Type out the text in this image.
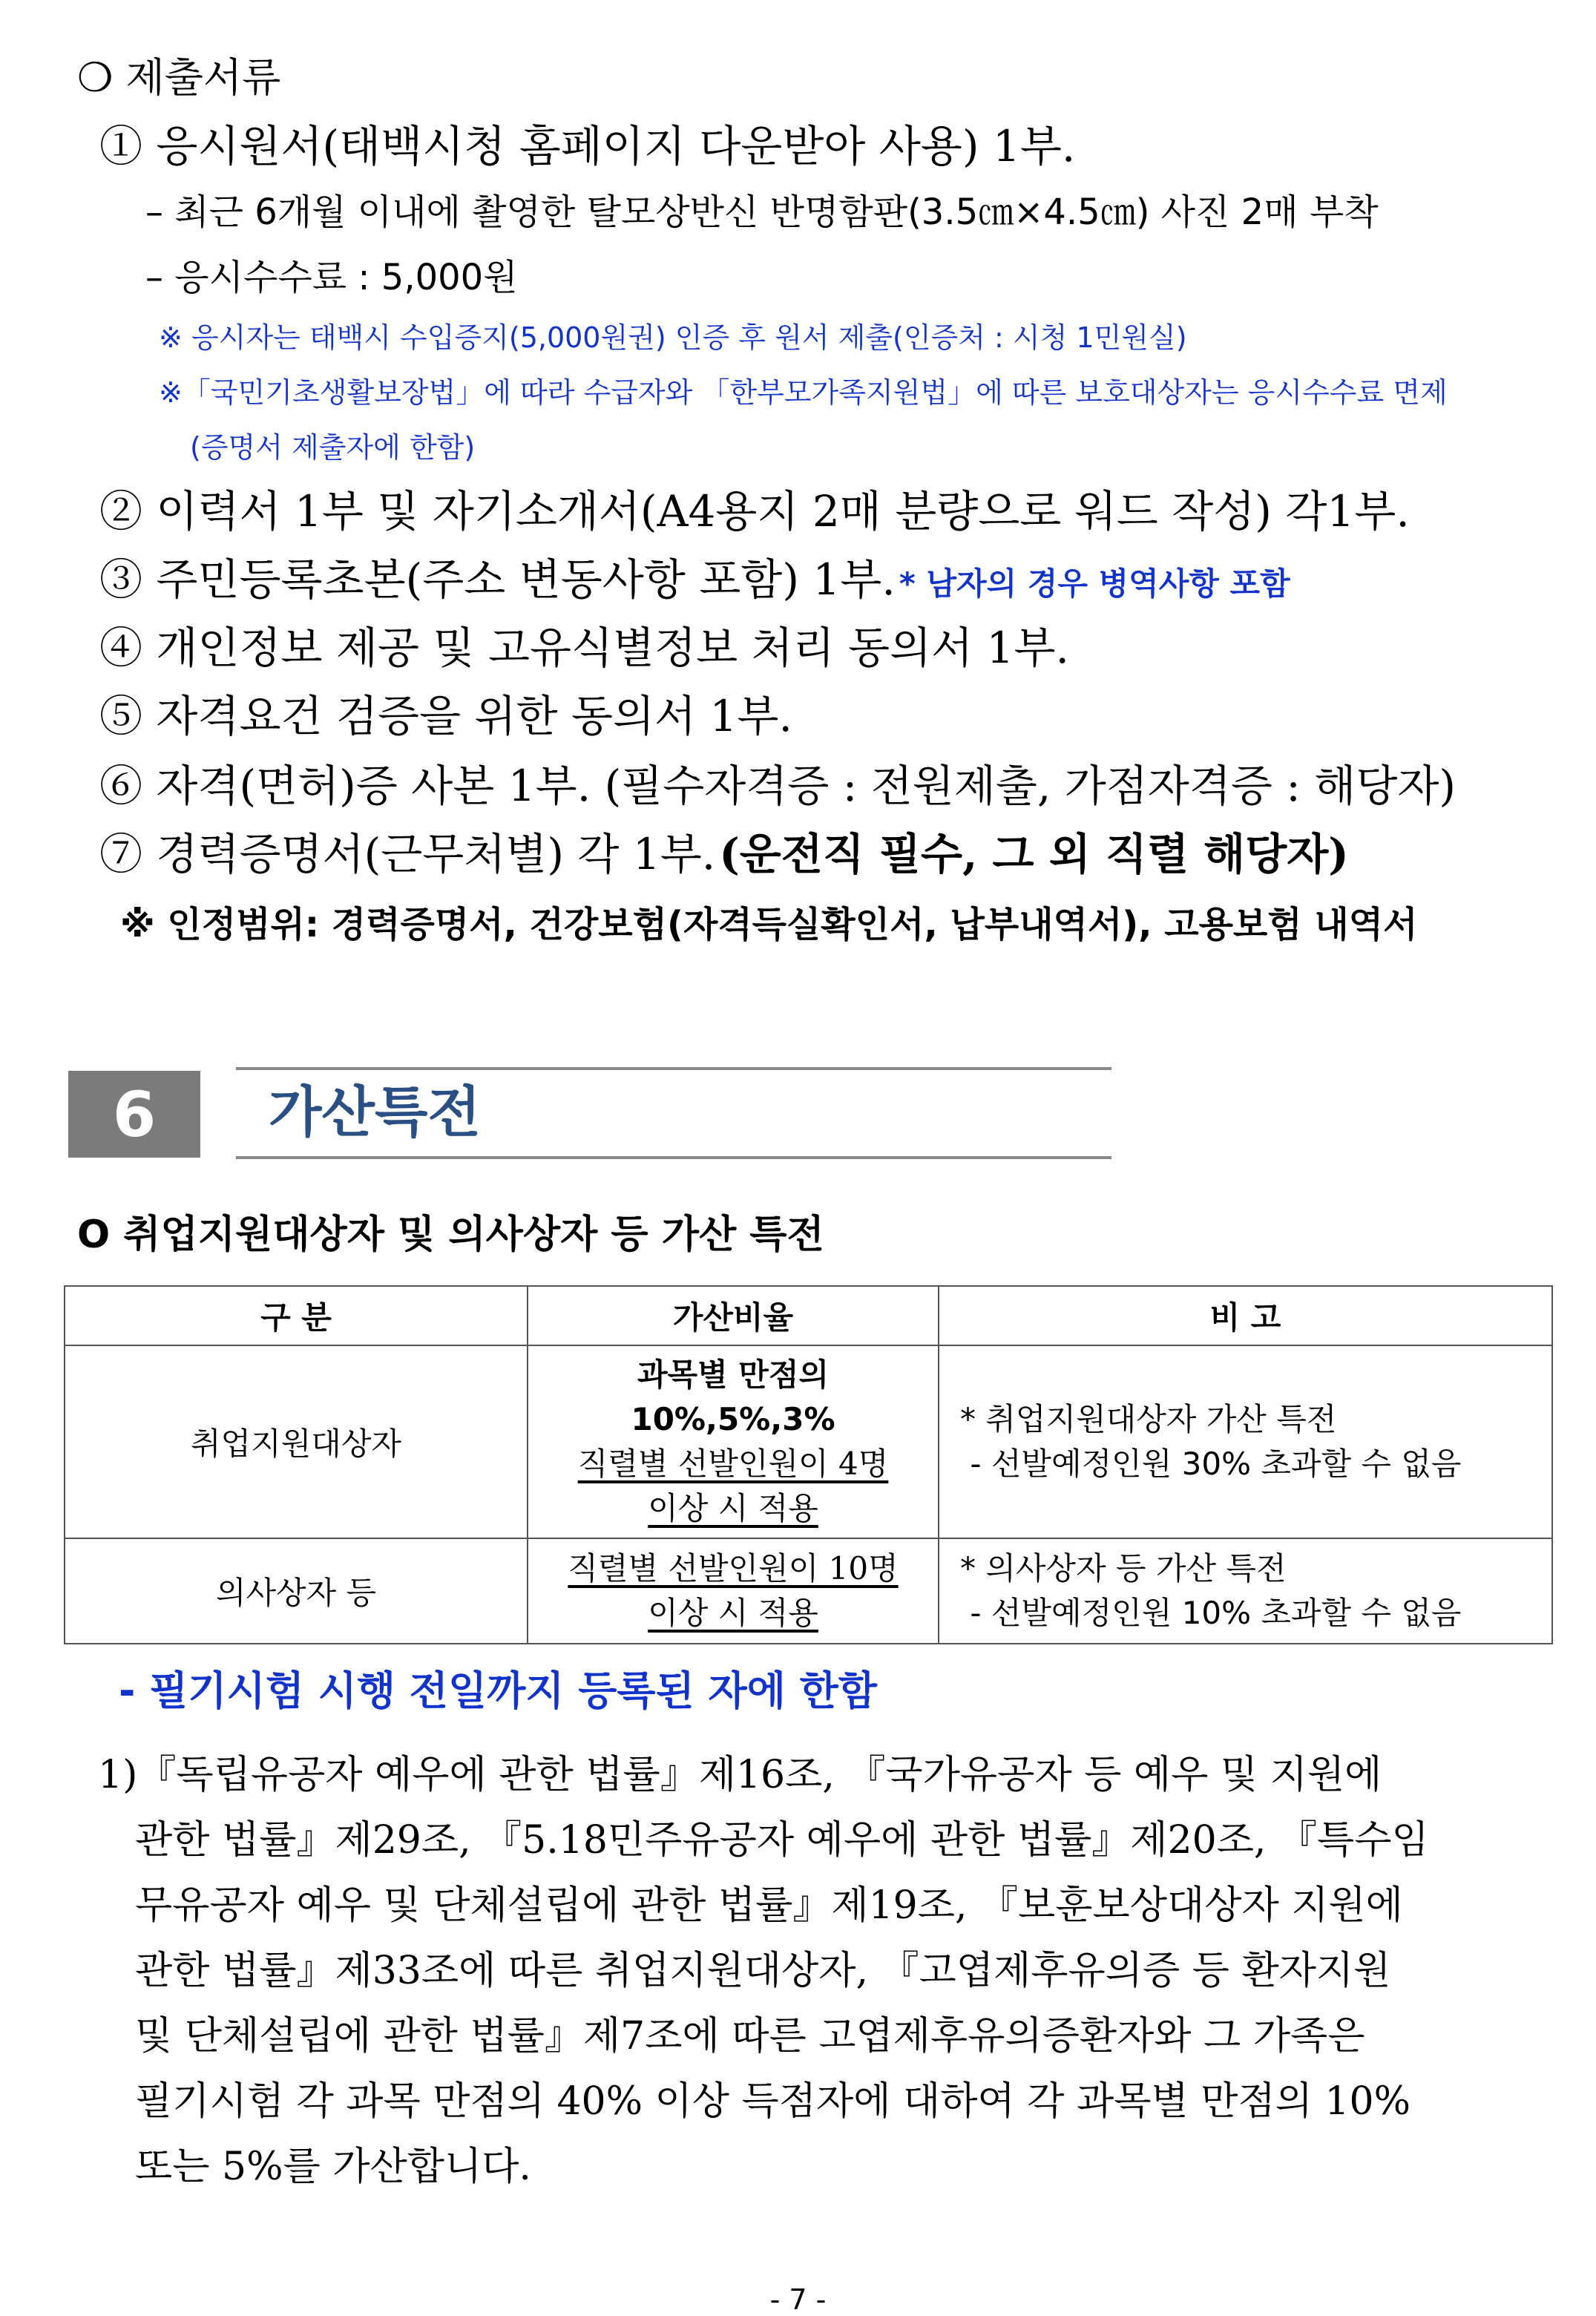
❍ 제출서류
① 응시원서(태백시청 홈페이지 다운받아 사용) 1부.
– 최근 6개월 이내에 촬영한 탈모상반신 반명함판(3.5㎝×4.5㎝) 사진 2매 부착
– 응시수수료 : 5,000원
※ 응시자는 태백시 수입증지(5,000원권) 인증 후 원서 제출(인증처 : 시청 1민원실)
※「국민기초생활보장법」에 따라 수급자와 「한부모가족지원법」에 따른 보호대상자는 응시수수료 면제
(증명서 제출자에 한함)
② 이력서 1부 및 자기소개서(A4용지 2매 분량으로 워드 작성) 각1부.
③ 주민등록초본(주소 변동사항 포함) 1부. * 남자의 경우 병역사항 포함
④ 개인정보 제공 및 고유식별정보 처리 동의서 1부.
⑤ 자격요건 검증을 위한 동의서 1부.
⑥ 자격(면허)증 사본 1부. (필수자격증 : 전원제출, 가점자격증 : 해당자)
⑦ 경력증명서(근무처별) 각 1부. (운전직 필수, 그 외 직렬 해당자)
※ 인정범위: 경력증명서, 건강보험(자격득실확인서, 납부내역서), 고용보험 내역서
6	가산특전
O 취업지원대상자 및 의사상자 등 가산 특전
구 분	가산비율	비 고
취업지원대상자	과목별 만점의
10%,5%,3%
직렬별 선발인원이 4명
이상 시 적용	* 취업지원대상자 가산 특전
- 선발예정인원 30% 초과할 수 없음

의사상자 등	직렬별 선발인원이 10명
이상 시 적용	* 의사상자 등 가산 특전
- 선발예정인원 10% 초과할 수 없음
- 필기시험 시행 전일까지 등록된 자에 한함
1)『독립유공자 예우에 관한 법률』제16조, 『국가유공자 등 예우 및 지원에
관한 법률』제29조, 『5.18민주유공자 예우에 관한 법률』제20조, 『특수임
무유공자 예우 및 단체설립에 관한 법률』제19조, 『보훈보상대상자 지원에
관한 법률』제33조에 따른 취업지원대상자, 『고엽제후유의증 등 환자지원
및 단체설립에 관한 법률』제7조에 따른 고엽제후유의증환자와 그 가족은
필기시험 각 과목 만점의 40% 이상 득점자에 대하여 각 과목별 만점의 10%
또는 5%를 가산합니다.
- 7 -
